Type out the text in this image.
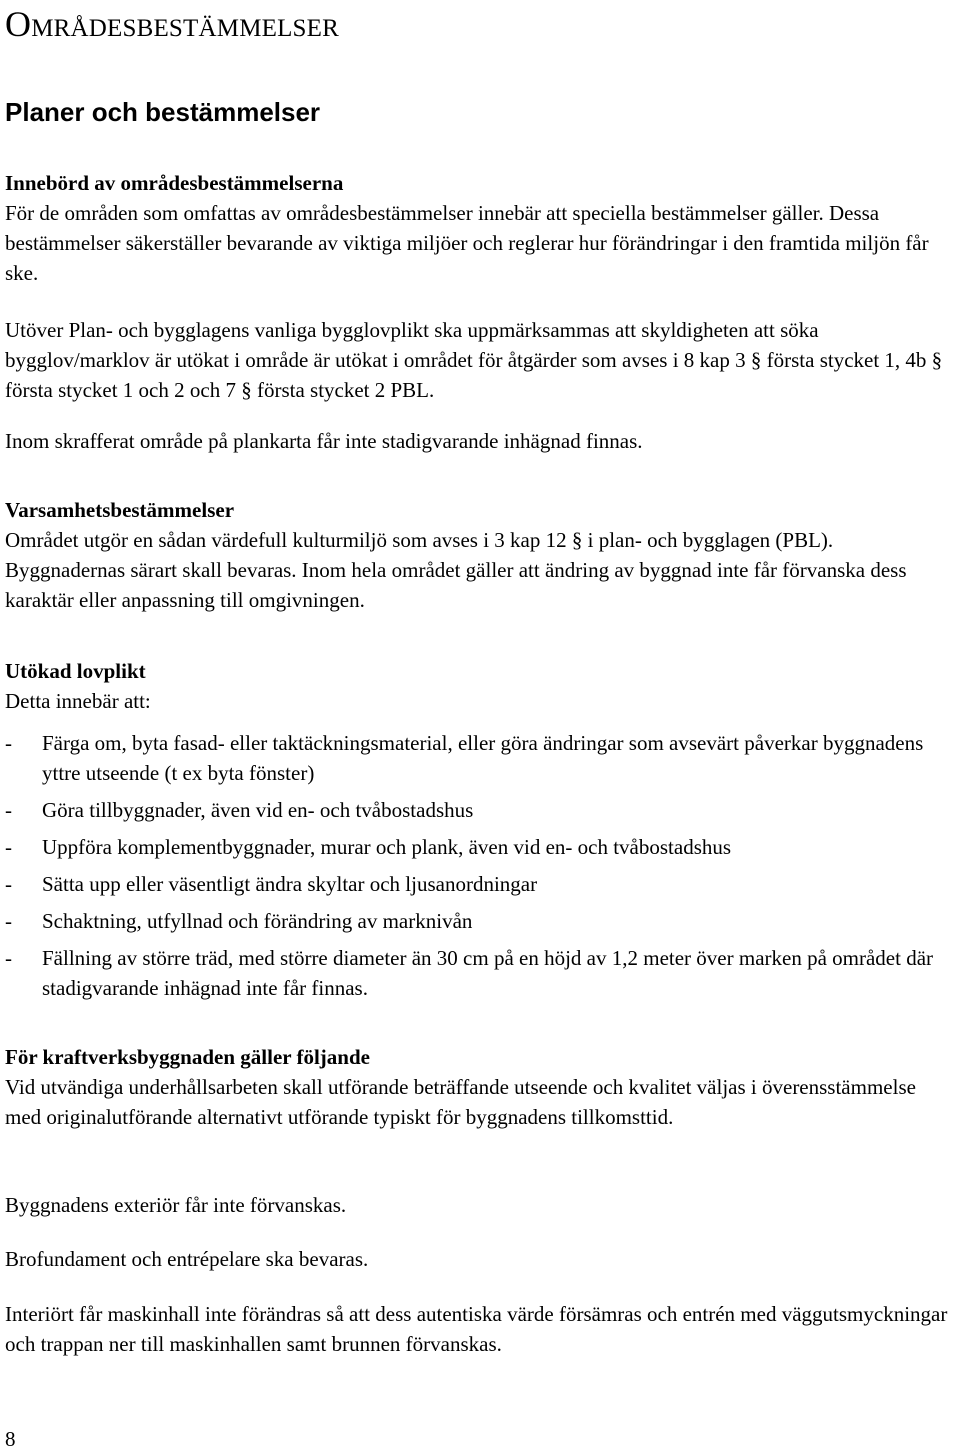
Områdesbestämmelser
Planer och bestämmelser
Innebörd av områdesbestämmelserna

För de områden som omfattas av områdesbestämmelser innebär att speciella bestämmelser gäller. Dessa bestämmelser säkerställer bevarande av viktiga miljöer och reglerar hur förändringar i den framtida miljön får ske.

Utöver Plan- och bygglagens vanliga bygglovplikt ska uppmärksammas att skyldigheten att söka bygglov/marklov är utökat i område är utökat i området för åtgärder som avses i 8 kap 3 § första stycket 1, 4b § första stycket 1 och 2 och 7 § första stycket 2 PBL.

Inom skrafferat område på plankarta får inte stadigvarande inhägnad finnas.

Varsamhetsbestämmelser

Området utgör en sådan värdefull kulturmiljö som avses i 3 kap 12 § i plan- och bygglagen (PBL). Byggnadernas särart skall bevaras. Inom hela området gäller att ändring av byggnad inte får förvanska dess karaktär eller anpassning till omgivningen.

Utökad lovplikt

Detta innebär att:

- Färga om, byta fasad- eller taktäckningsmaterial, eller göra ändringar som avsevärt påverkar byggnadens yttre utseende (t ex byta fönster)
- Göra tillbyggnader, även vid en- och tvåbostadshus
- Uppföra komplementbyggnader, murar och plank, även vid en- och tvåbostadshus
- Sätta upp eller väsentligt ändra skyltar och ljusanordningar
- Schaktning, utfyllnad och förändring av marknivån
- Fällning av större träd, med större diameter än 30 cm på en höjd av 1,2 meter över marken på området där stadigvarande inhägnad inte får finnas.
För kraftverksbyggnaden gäller följande

Vid utvändiga underhållsarbeten skall utförande beträffande utseende och kvalitet väljas i överensstämmelse med originalutförande alternativt utförande typiskt för byggnadens tillkomsttid.

Byggnadens exteriör får inte förvanskas.

Brofundament och entrépelare ska bevaras.

Interiört får maskinhall inte förändras så att dess autentiska värde försämras och entrén med väggutsmyckningar och trappan ner till maskinhallen samt brunnen förvanskas.

8
